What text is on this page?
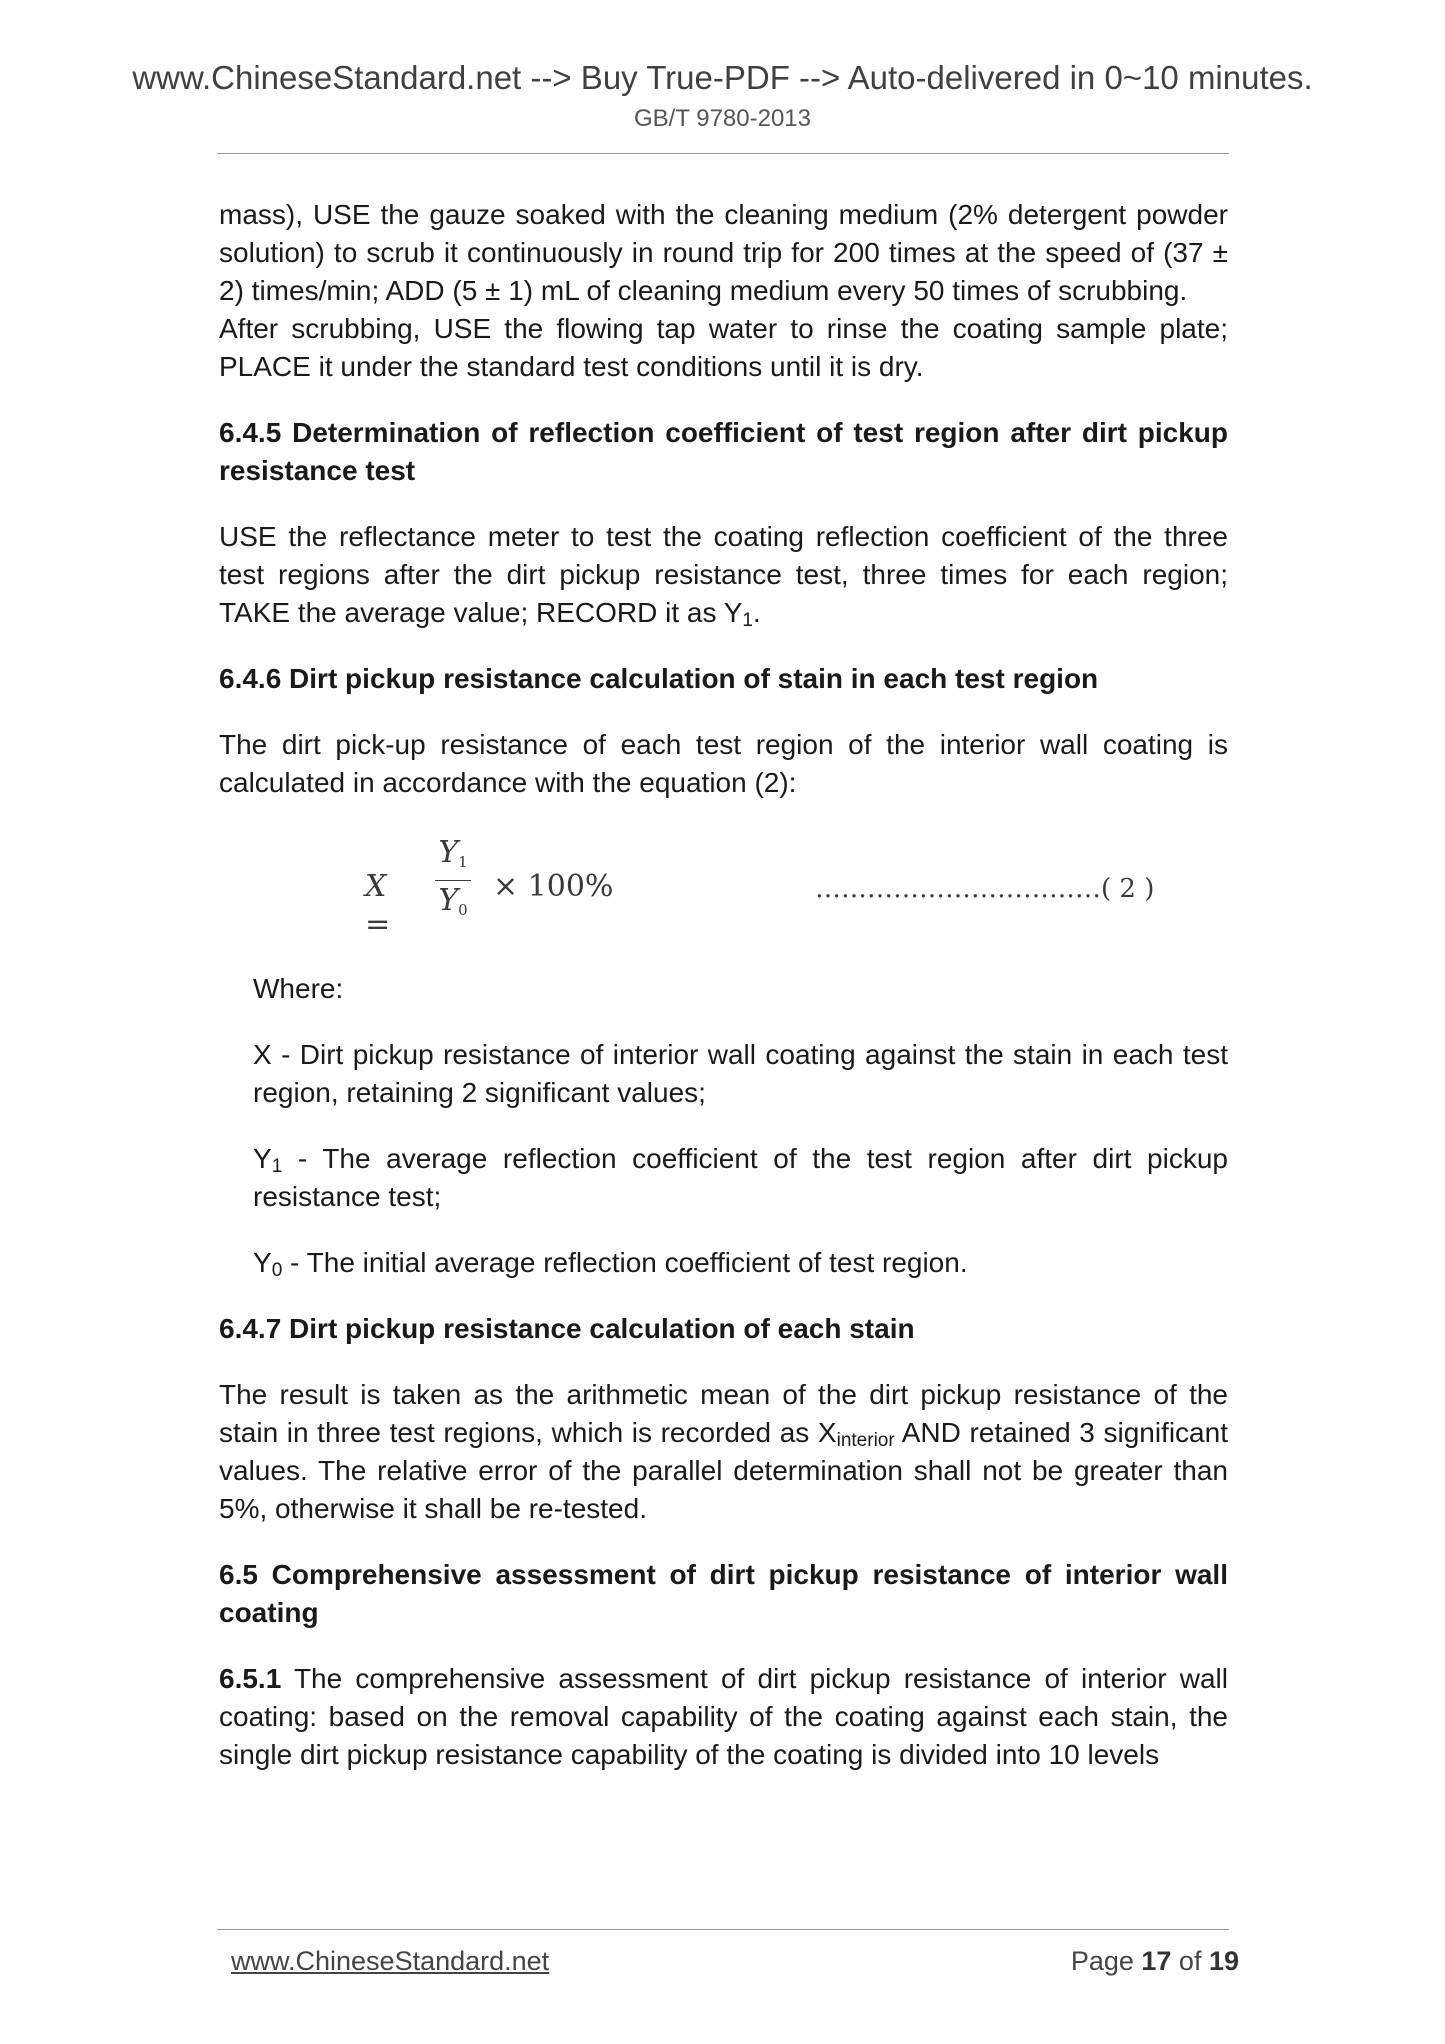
www.ChineseStandard.net --> Buy True-PDF --> Auto-delivered in 0~10 minutes.
GB/T 9780-2013

mass), USE the gauze soaked with the cleaning medium (2% detergent powder solution) to scrub it continuously in round trip for 200 times at the speed of (37 ± 2) times/min; ADD (5 ± 1) mL of cleaning medium every 50 times of scrubbing.

After scrubbing, USE the flowing tap water to rinse the coating sample plate; PLACE it under the standard test conditions until it is dry.

6.4.5 Determination of reflection coefficient of test region after dirt pickup resistance test

USE the reflectance meter to test the coating reflection coefficient of the three test regions after the dirt pickup resistance test, three times for each region; TAKE the average value; RECORD it as $Y_1$.

6.4.6 Dirt pickup resistance calculation of stain in each test region

The dirt pick-up resistance of each test region of the interior wall coating is calculated in accordance with the equation (2):

X =
$Y_1$
$Y_0$
× 100%	……………………………( 2 )

Where:

X - Dirt pickup resistance of interior wall coating against the stain in each test region, retaining 2 significant values;

$Y_1$ - The average reflection coefficient of the test region after dirt pickup resistance test;

$Y_0$ - The initial average reflection coefficient of test region.

6.4.7 Dirt pickup resistance calculation of each stain

The result is taken as the arithmetic mean of the dirt pickup resistance of the stain in three test regions, which is recorded as $X_{interior}$ AND retained 3 significant values. The relative error of the parallel determination shall not be greater than 5%, otherwise it shall be re-tested.

6.5 Comprehensive assessment of dirt pickup resistance of interior wall coating

6.5.1 The comprehensive assessment of dirt pickup resistance of interior wall coating: based on the removal capability of the coating against each stain, the single dirt pickup resistance capability of the coating is divided into 10 levels

www.ChineseStandard.net	Page 17 of 19
